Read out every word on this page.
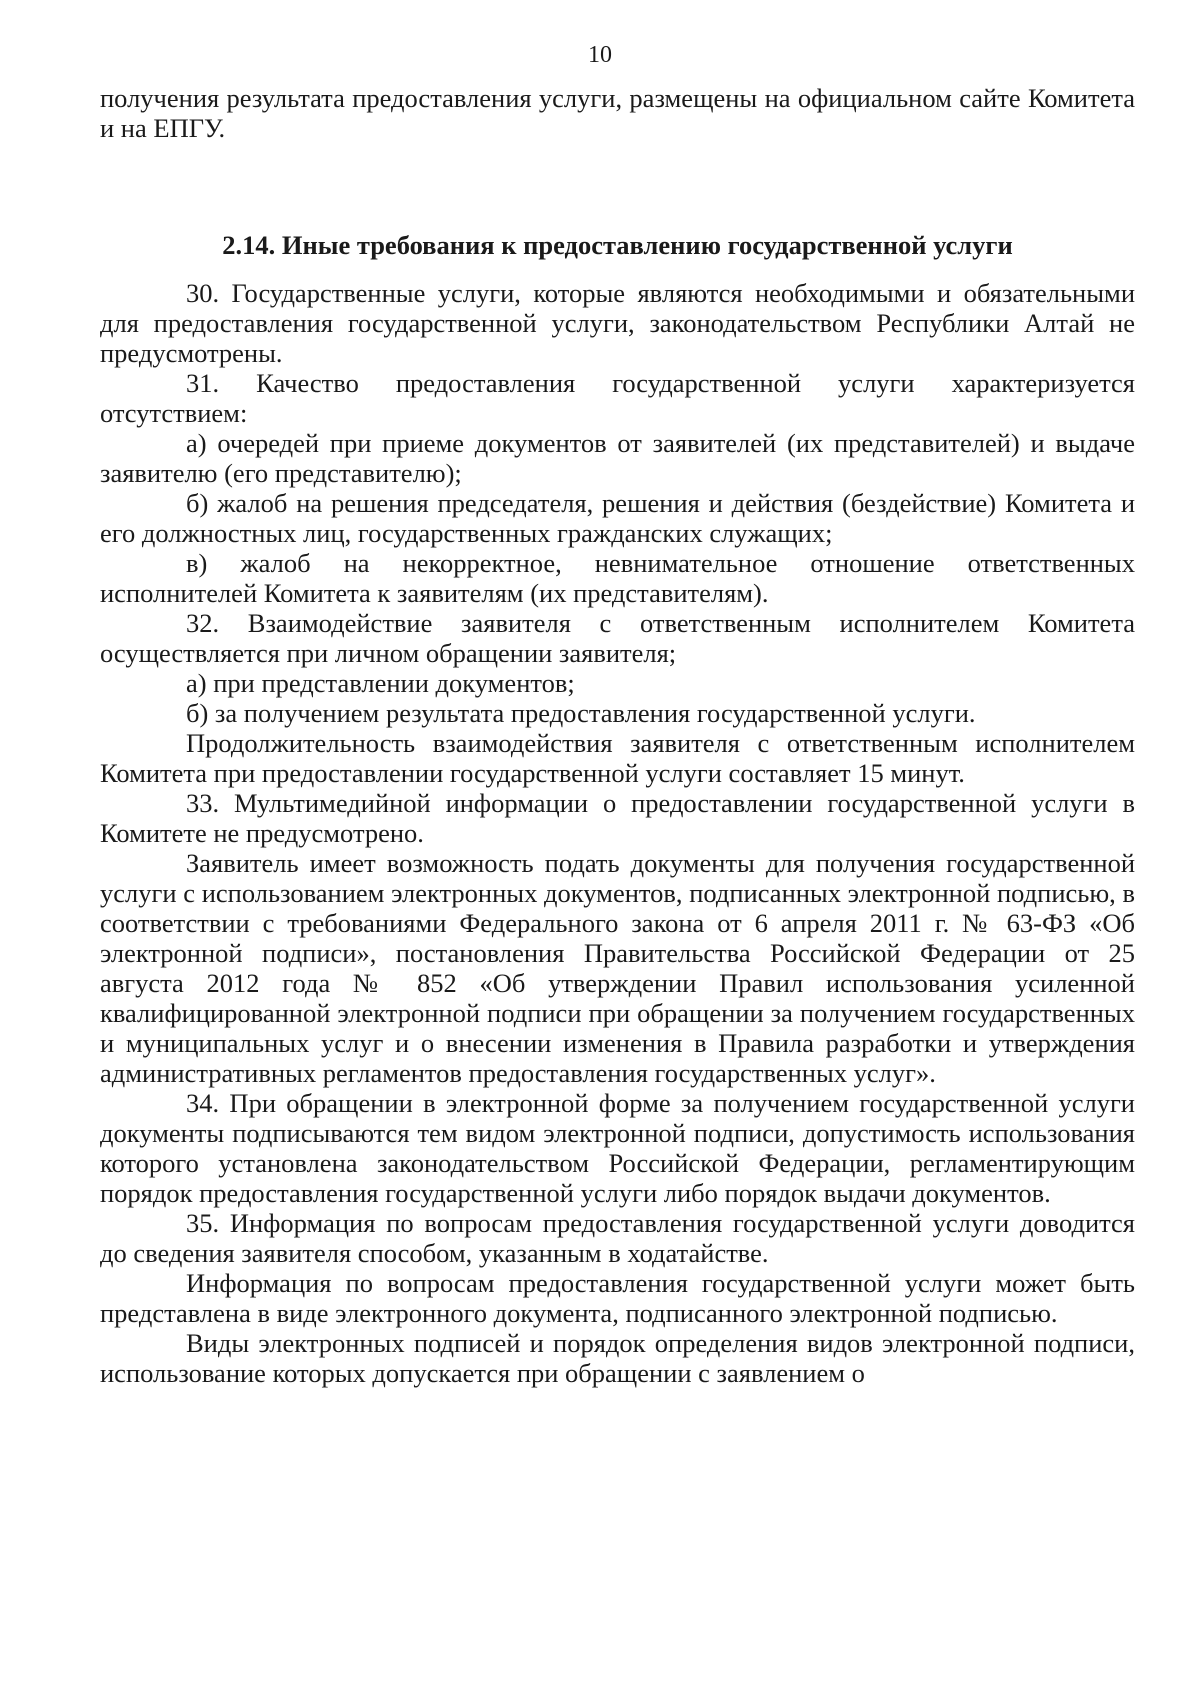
10

получения результата предоставления услуги, размещены на официальном сайте Комитета и на ЕПГУ.

2.14. Иные требования к предоставлению государственной услуги

30. Государственные услуги, которые являются необходимыми и обязательными для предоставления государственной услуги, законодательством Республики Алтай не предусмотрены.

31. Качество предоставления государственной услуги характеризуется отсутствием:

а) очередей при приеме документов от заявителей (их представителей) и выдаче заявителю (его представителю);

б) жалоб на решения председателя, решения и действия (бездействие) Комитета и его должностных лиц, государственных гражданских служащих;

в) жалоб на некорректное, невнимательное отношение ответственных исполнителей Комитета к заявителям (их представителям).

32. Взаимодействие заявителя с ответственным исполнителем Комитета осуществляется при личном обращении заявителя;

а) при представлении документов;

б) за получением результата предоставления государственной услуги.

Продолжительность взаимодействия заявителя с ответственным исполнителем Комитета при предоставлении государственной услуги составляет 15 минут.

33. Мультимедийной информации о предоставлении государственной услуги в Комитете не предусмотрено.

Заявитель имеет возможность подать документы для получения государственной услуги с использованием электронных документов, подписанных электронной подписью, в соответствии с требованиями Федерального закона от 6 апреля 2011 г. № 63-ФЗ «Об электронной подписи», постановления Правительства Российской Федерации от 25 августа 2012 года № 852 «Об утверждении Правил использования усиленной квалифицированной электронной подписи при обращении за получением государственных и муниципальных услуг и о внесении изменения в Правила разработки и утверждения административных регламентов предоставления государственных услуг».

34. При обращении в электронной форме за получением государственной услуги документы подписываются тем видом электронной подписи, допустимость использования которого установлена законодательством Российской Федерации, регламентирующим порядок предоставления государственной услуги либо порядок выдачи документов.

35. Информация по вопросам предоставления государственной услуги доводится до сведения заявителя способом, указанным в ходатайстве.

Информация по вопросам предоставления государственной услуги может быть представлена в виде электронного документа, подписанного электронной подписью.

Виды электронных подписей и порядок определения видов электронной подписи, использование которых допускается при обращении с заявлением о
